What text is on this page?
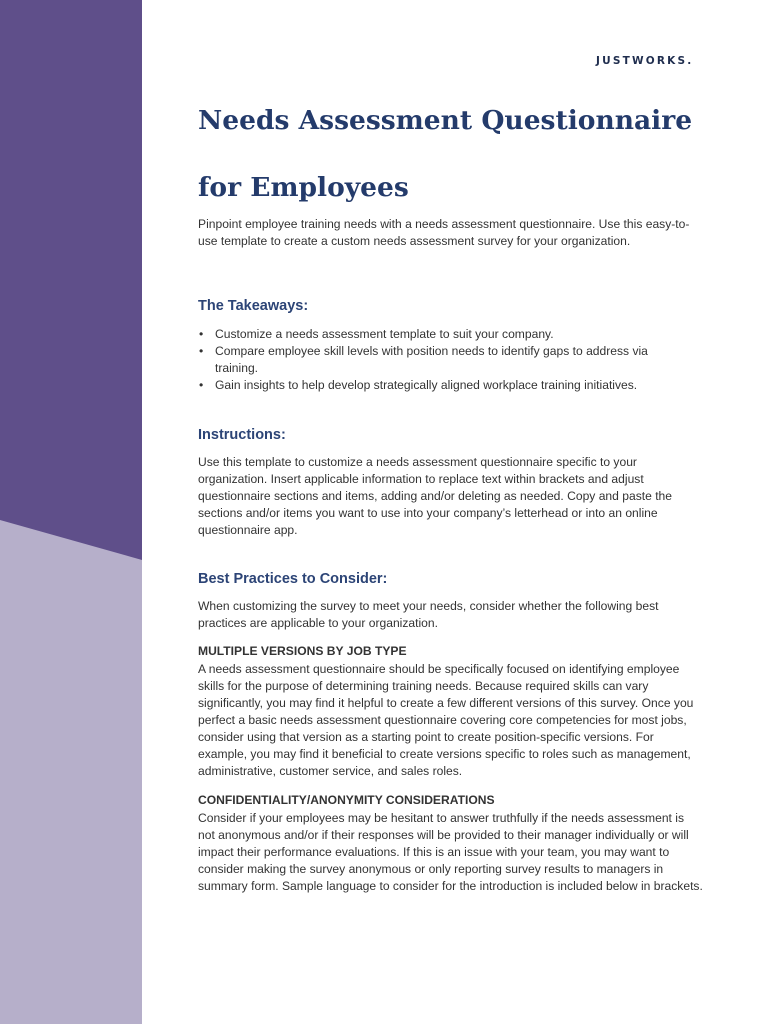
JUSTWORKS.
Needs Assessment Questionnaire
for Employees

Pinpoint employee training needs with a needs assessment questionnaire. Use this easy-to-use template to create a custom needs assessment survey for your organization.

The Takeaways:
• Customize a needs assessment template to suit your company.
• Compare employee skill levels with position needs to identify gaps to address via training.
• Gain insights to help develop strategically aligned workplace training initiatives.
Instructions:

Use this template to customize a needs assessment questionnaire specific to your organization. Insert applicable information to replace text within brackets and adjust questionnaire sections and items, adding and/or deleting as needed. Copy and paste the sections and/or items you want to use into your company’s letterhead or into an online questionnaire app.

Best Practices to Consider:

When customizing the survey to meet your needs, consider whether the following best practices are applicable to your organization.

MULTIPLE VERSIONS BY JOB TYPE

A needs assessment questionnaire should be specifically focused on identifying employee skills for the purpose of determining training needs. Because required skills can vary significantly, you may find it helpful to create a few different versions of this survey. Once you perfect a basic needs assessment questionnaire covering core competencies for most jobs, consider using that version as a starting point to create position-specific versions. For example, you may find it beneficial to create versions specific to roles such as management, administrative, customer service, and sales roles.

CONFIDENTIALITY/ANONYMITY CONSIDERATIONS

Consider if your employees may be hesitant to answer truthfully if the needs assessment is not anonymous and/or if their responses will be provided to their manager individually or will impact their performance evaluations. If this is an issue with your team, you may want to consider making the survey anonymous or only reporting survey results to managers in summary form. Sample language to consider for the introduction is included below in brackets.
